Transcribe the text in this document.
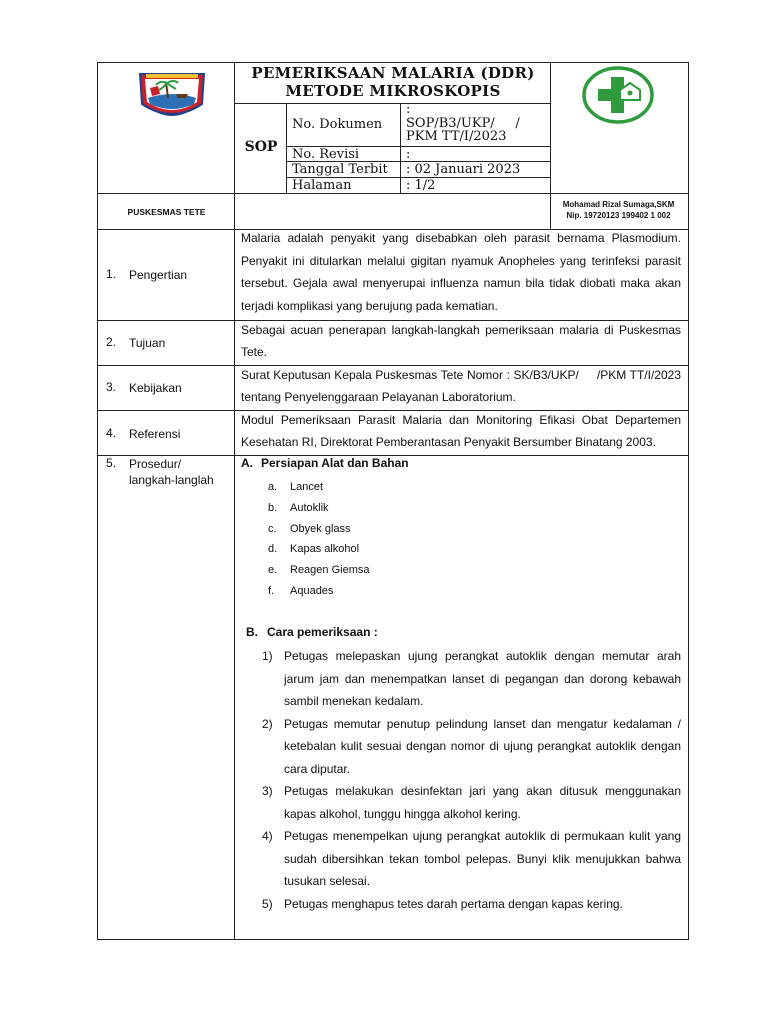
PEMERIKSAAN MALARIA (DDR)
METODE MIKROSKOPIS
SOP
No. Dokumen
:
SOP/B3/UKP/     /
PKM TT/I/2023
No. Revisi	:
Tanggal Terbit : 02 Januari 2023
Halaman	: 1/2
PUSKESMAS TETE
Mohamad Rizal Sumaga,SKM
Nip. 19720123 199402 1 002
1. Pengertian
Malaria adalah penyakit yang disebabkan oleh parasit bernama Plasmodium. Penyakit ini ditularkan melalui gigitan nyamuk Anopheles yang terinfeksi parasit tersebut. Gejala awal menyerupai influenza namun bila tidak diobati maka akan terjadi komplikasi yang berujung pada kematian.
2. Tujuan
Sebagai acuan penerapan langkah-langkah pemeriksaan malaria di Puskesmas Tete.
3. Kebijakan
Surat Keputusan Kepala Puskesmas Tete Nomor : SK/B3/UKP/     /PKM TT/I/2023 tentang Penyelenggaraan Pelayanan Laboratorium.
4. Referensi
Modul Pemeriksaan Parasit Malaria dan Monitoring Efikasi Obat Departemen Kesehatan RI, Direktorat Pemberantasan Penyakit Bersumber Binatang 2003.
5. Prosedur/
langkah-langlah
A. Persiapan Alat dan Bahan
a. Lancet
b. Autoklik
c. Obyek glass
d. Kapas alkohol
e. Reagen Giemsa
f. Aquades
B. Cara pemeriksaan :

1) Petugas melepaskan ujung perangkat autoklik dengan memutar arah jarum jam dan menempatkan lanset di pegangan dan dorong kebawah sambil menekan kedalam.

2) Petugas memutar penutup pelindung lanset dan mengatur kedalaman / ketebalan kulit sesuai dengan nomor di ujung perangkat autoklik dengan cara diputar.

3) Petugas melakukan desinfektan jari yang akan ditusuk menggunakan kapas alkohol, tunggu hingga alkohol kering.

4) Petugas menempelkan ujung perangkat autoklik di permukaan kulit yang sudah dibersihkan tekan tombol pelepas. Bunyi klik menujukkan bahwa tusukan selesai.

5) Petugas menghapus tetes darah pertama dengan kapas kering.
